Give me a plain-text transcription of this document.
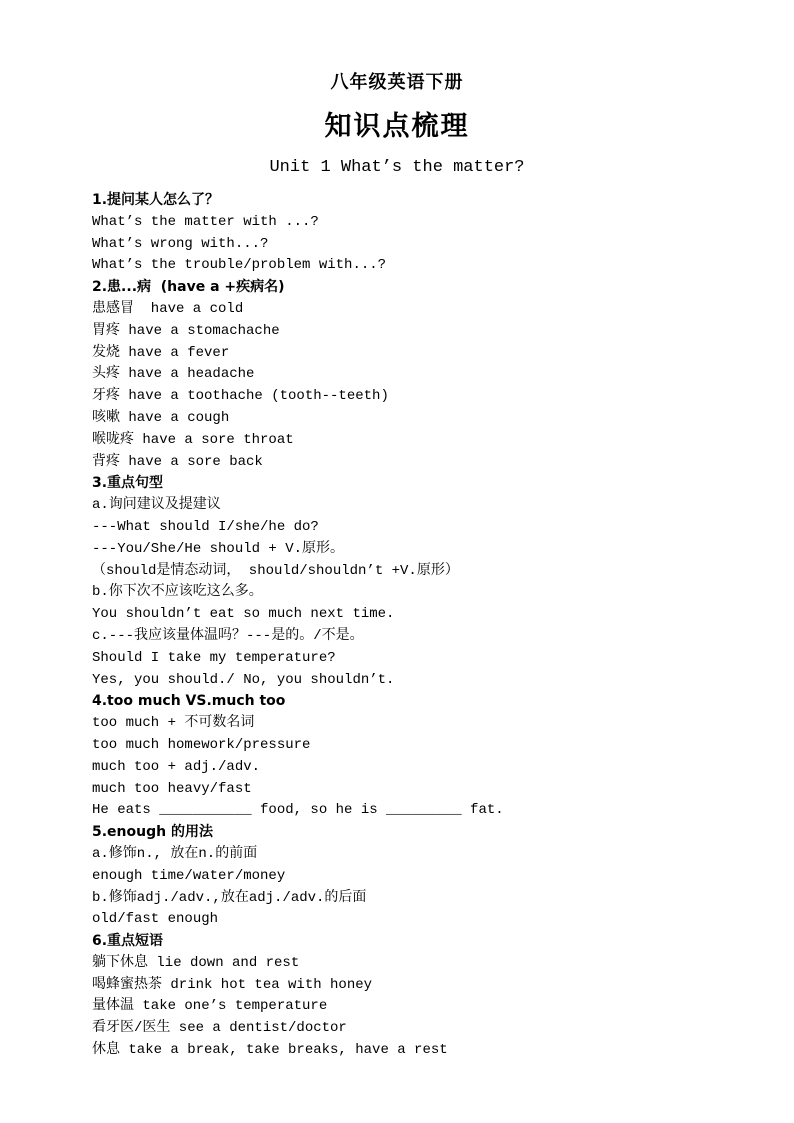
八年级英语下册
知识点梳理
Unit 1 What’s the matter?
1.提问某人怎么了？
What’s the matter with ...?
What’s wrong with...?
What’s the trouble/problem with...?
2.患...病  (have a +疾病名)
患感冒  have a cold
胃疼 have a stomachache
发烧 have a fever
头疼 have a headache
牙疼 have a toothache (tooth--teeth)
咳嗽 have a cough
喉咙疼 have a sore throat
背疼 have a sore back
3.重点句型
a.询问建议及提建议
---What should I/she/he do?
---You/She/He should + V.原形。
（should是情态动词， should/shouldn’t +V.原形）
b.你下次不应该吃这么多。
You shouldn’t eat so much next time.
c.---我应该量体温吗？---是的。/不是。
Should I take my temperature?
Yes, you should./ No, you shouldn’t.
4.too much VS.much too
too much + 不可数名词
too much homework/pressure
much too + adj./adv.
much too heavy/fast
He eats ___________ food, so he is _________ fat.
5.enough 的用法
a.修饰n., 放在n.的前面
enough time/water/money
b.修饰adj./adv.,放在adj./adv.的后面
old/fast enough
6.重点短语
躺下休息 lie down and rest
喝蜂蜜热茶 drink hot tea with honey
量体温 take one’s temperature
看牙医/医生 see a dentist/doctor
休息 take a break, take breaks, have a rest
